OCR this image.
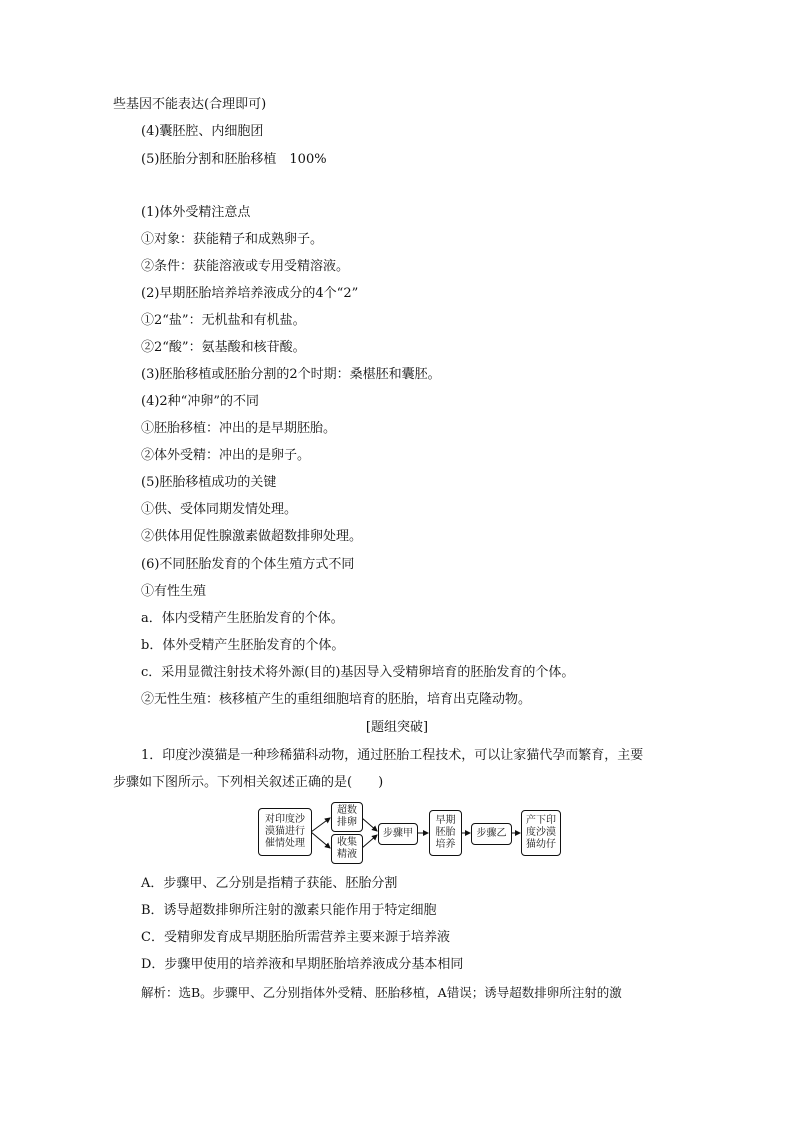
些基因不能表达(合理即可)
(4)囊胚腔、内细胞团
(5)胚胎分割和胚胎移植　100%
(1)体外受精注意点
①对象：获能精子和成熟卵子。
②条件：获能溶液或专用受精溶液。
(2)早期胚胎培养培养液成分的4个“2”
①2“盐”：无机盐和有机盐。
②2“酸”：氨基酸和核苷酸。
(3)胚胎移植或胚胎分割的2个时期：桑椹胚和囊胚。
(4)2种“冲卵”的不同
①胚胎移植：冲出的是早期胚胎。
②体外受精：冲出的是卵子。
(5)胚胎移植成功的关键
①供、受体同期发情处理。
②供体用促性腺激素做超数排卵处理。
(6)不同胚胎发育的个体生殖方式不同
①有性生殖
a．体内受精产生胚胎发育的个体。
b．体外受精产生胚胎发育的个体。
c．采用显微注射技术将外源(目的)基因导入受精卵培育的胚胎发育的个体。
②无性生殖：核移植产生的重组细胞培育的胚胎，培育出克隆动物。
[题组突破]
1．印度沙漠猫是一种珍稀猫科动物，通过胚胎工程技术，可以让家猫代孕而繁育，主要
步骤如下图所示。下列相关叙述正确的是(　　)
对印度沙
漠猫进行
催情处理
超数
排卵
收集
精液
步骤甲
早期
胚胎
培养
步骤乙
产下印
度沙漠
猫幼仔
A．步骤甲、乙分别是指精子获能、胚胎分割
B．诱导超数排卵所注射的激素只能作用于特定细胞
C．受精卵发育成早期胚胎所需营养主要来源于培养液
D．步骤甲使用的培养液和早期胚胎培养液成分基本相同
解析：选B。步骤甲、乙分别指体外受精、胚胎移植，A错误；诱导超数排卵所注射的激
